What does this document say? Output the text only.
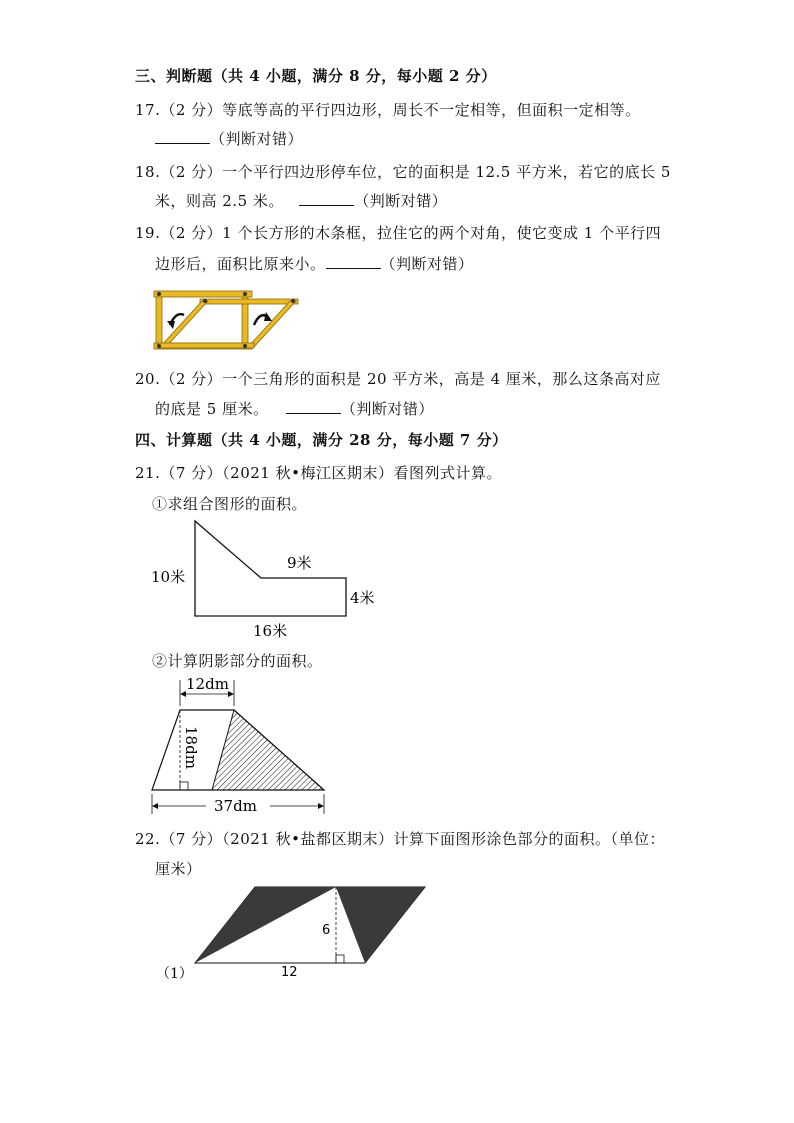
三、判断题（共 4 小题，满分 8 分，每小题 2 分）
17.（2 分）等底等高的平行四边形，周长不一定相等，但面积一定相等。
（判断对错）
18.（2 分）一个平行四边形停车位，它的面积是 12.5 平方米，若它的底长 5
米，则高 2.5 米。	（判断对错）
19.（2 分）1 个长方形的木条框，拉住它的两个对角，使它变成 1 个平行四
边形后，面积比原来小。	（判断对错）
20.（2 分）一个三角形的面积是 20 平方米，高是 4 厘米，那么这条高对应
的底是 5 厘米。	（判断对错）
四、计算题（共 4 小题，满分 28 分，每小题 7 分）
21.（7 分）（2021 秋•梅江区期末）看图列式计算。
①求组合图形的面积。
10米
9米
4米
16米
②计算阴影部分的面积。
12dm
18dm
37dm
22.（7 分）（2021 秋•盐都区期末）计算下面图形涂色部分的面积。（单位：
厘米）
6
12
（1）
